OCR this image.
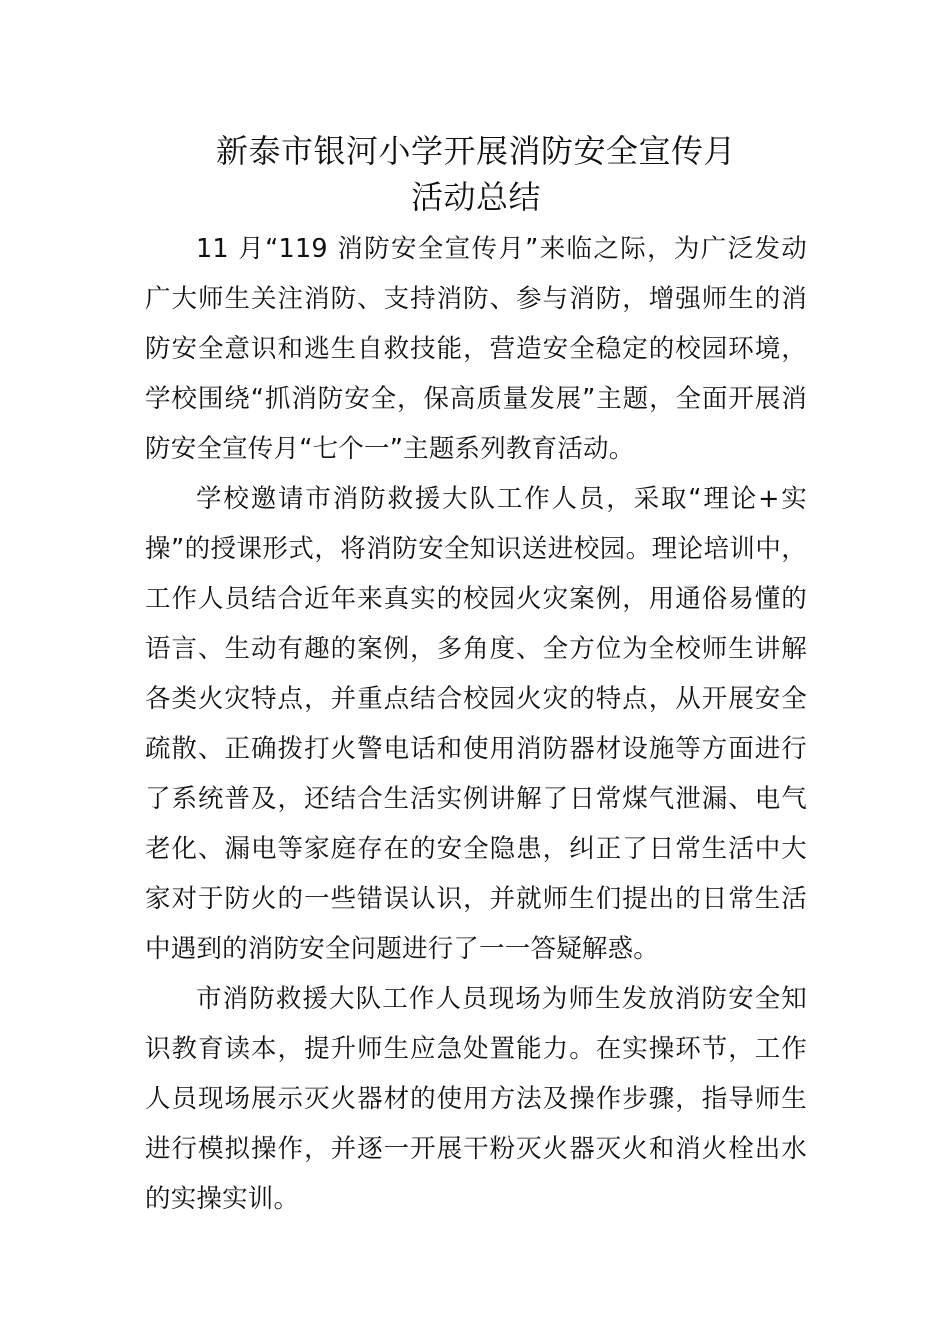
新泰市银河小学开展消防安全宣传月
活动总结

11 月“119 消防安全宣传月”来临之际，为广泛发动广大师生关注消防、支持消防、参与消防，增强师生的消防安全意识和逃生自救技能，营造安全稳定的校园环境，学校围绕“抓消防安全，保高质量发展”主题，全面开展消防安全宣传月“七个一”主题系列教育活动。

学校邀请市消防救援大队工作人员，采取“理论+实操”的授课形式，将消防安全知识送进校园。理论培训中，工作人员结合近年来真实的校园火灾案例，用通俗易懂的语言、生动有趣的案例，多角度、全方位为全校师生讲解各类火灾特点，并重点结合校园火灾的特点，从开展安全疏散、正确拨打火警电话和使用消防器材设施等方面进行了系统普及，还结合生活实例讲解了日常煤气泄漏、电气老化、漏电等家庭存在的安全隐患，纠正了日常生活中大家对于防火的一些错误认识，并就师生们提出的日常生活中遇到的消防安全问题进行了一一答疑解惑。

市消防救援大队工作人员现场为师生发放消防安全知识教育读本，提升师生应急处置能力。在实操环节，工作人员现场展示灭火器材的使用方法及操作步骤，指导师生进行模拟操作，并逐一开展干粉灭火器灭火和消火栓出水的实操实训。
